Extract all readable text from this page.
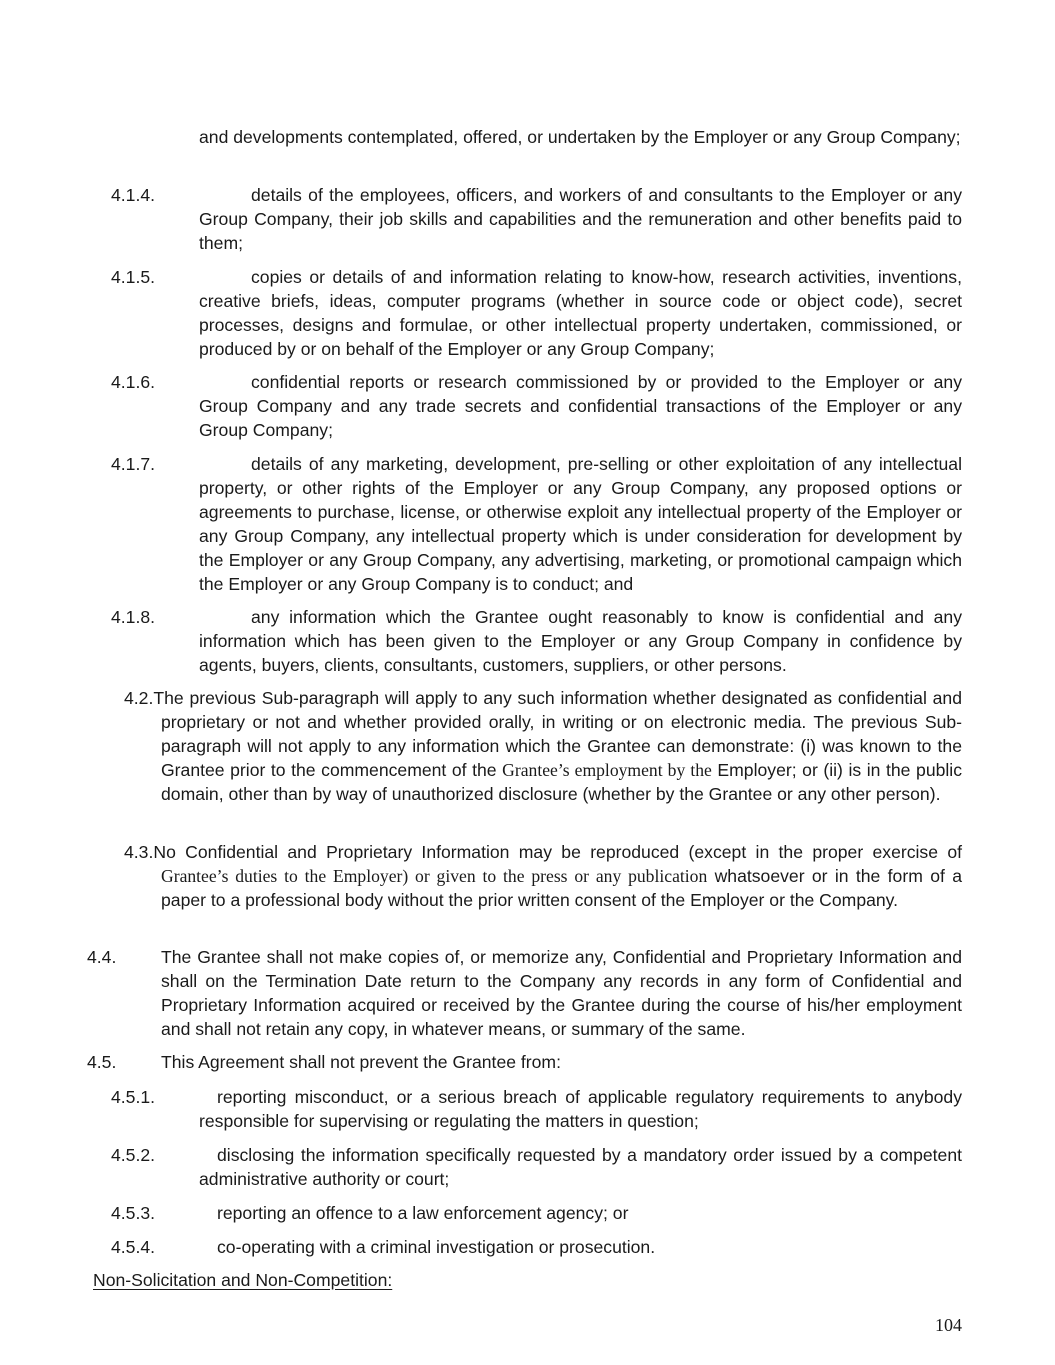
and developments contemplated, offered, or undertaken by the Employer or any Group Company;

4.1.4.	details of the employees, officers, and workers of and consultants to the Employer or any Group Company, their job skills and capabilities and the remuneration and other benefits paid to them;

4.1.5.	copies or details of and information relating to know-how, research activities, inventions, creative briefs, ideas, computer programs (whether in source code or object code), secret processes, designs and formulae, or other intellectual property undertaken, commissioned, or produced by or on behalf of the Employer or any Group Company;

4.1.6.	confidential reports or research commissioned by or provided to the Employer or any Group Company and any trade secrets and confidential transactions of the Employer or any Group Company;

4.1.7.	details of any marketing, development, pre-selling or other exploitation of any intellectual property, or other rights of the Employer or any Group Company, any proposed options or agreements to purchase, license, or otherwise exploit any intellectual property of the Employer or any Group Company, any intellectual property which is under consideration for development by the Employer or any Group Company, any advertising, marketing, or promotional campaign which the Employer or any Group Company is to conduct; and

4.1.8.	any information which the Grantee ought reasonably to know is confidential and any information which has been given to the Employer or any Group Company in confidence by agents, buyers, clients, consultants, customers, suppliers, or other persons.

4.2.The previous Sub-paragraph will apply to any such information whether designated as confidential and proprietary or not and whether provided orally, in writing or on electronic media. The previous Sub-paragraph will not apply to any information which the Grantee can demonstrate: (i) was known to the Grantee prior to the commencement of the Grantee’s employment by the Employer; or (ii) is in the public domain, other than by way of unauthorized disclosure (whether by the Grantee or any other person).

4.3.No Confidential and Proprietary Information may be reproduced (except in the proper exercise of Grantee’s duties to the Employer) or given to the press or any publication whatsoever or in the form of a paper to a professional body without the prior written consent of the Employer or the Company.

4.4.	The Grantee shall not make copies of, or memorize any, Confidential and Proprietary Information and shall on the Termination Date return to the Company any records in any form of Confidential and Proprietary Information acquired or received by the Grantee during the course of his/her employment and shall not retain any copy, in whatever means, or summary of the same.

4.5.	This Agreement shall not prevent the Grantee from:

4.5.1.	reporting misconduct, or a serious breach of applicable regulatory requirements to anybody responsible for supervising or regulating the matters in question;

4.5.2.	disclosing the information specifically requested by a mandatory order issued by a competent administrative authority or court;

4.5.3.	reporting an offence to a law enforcement agency; or

4.5.4.	co-operating with a criminal investigation or prosecution.

Non-Solicitation and Non-Competition:

104
